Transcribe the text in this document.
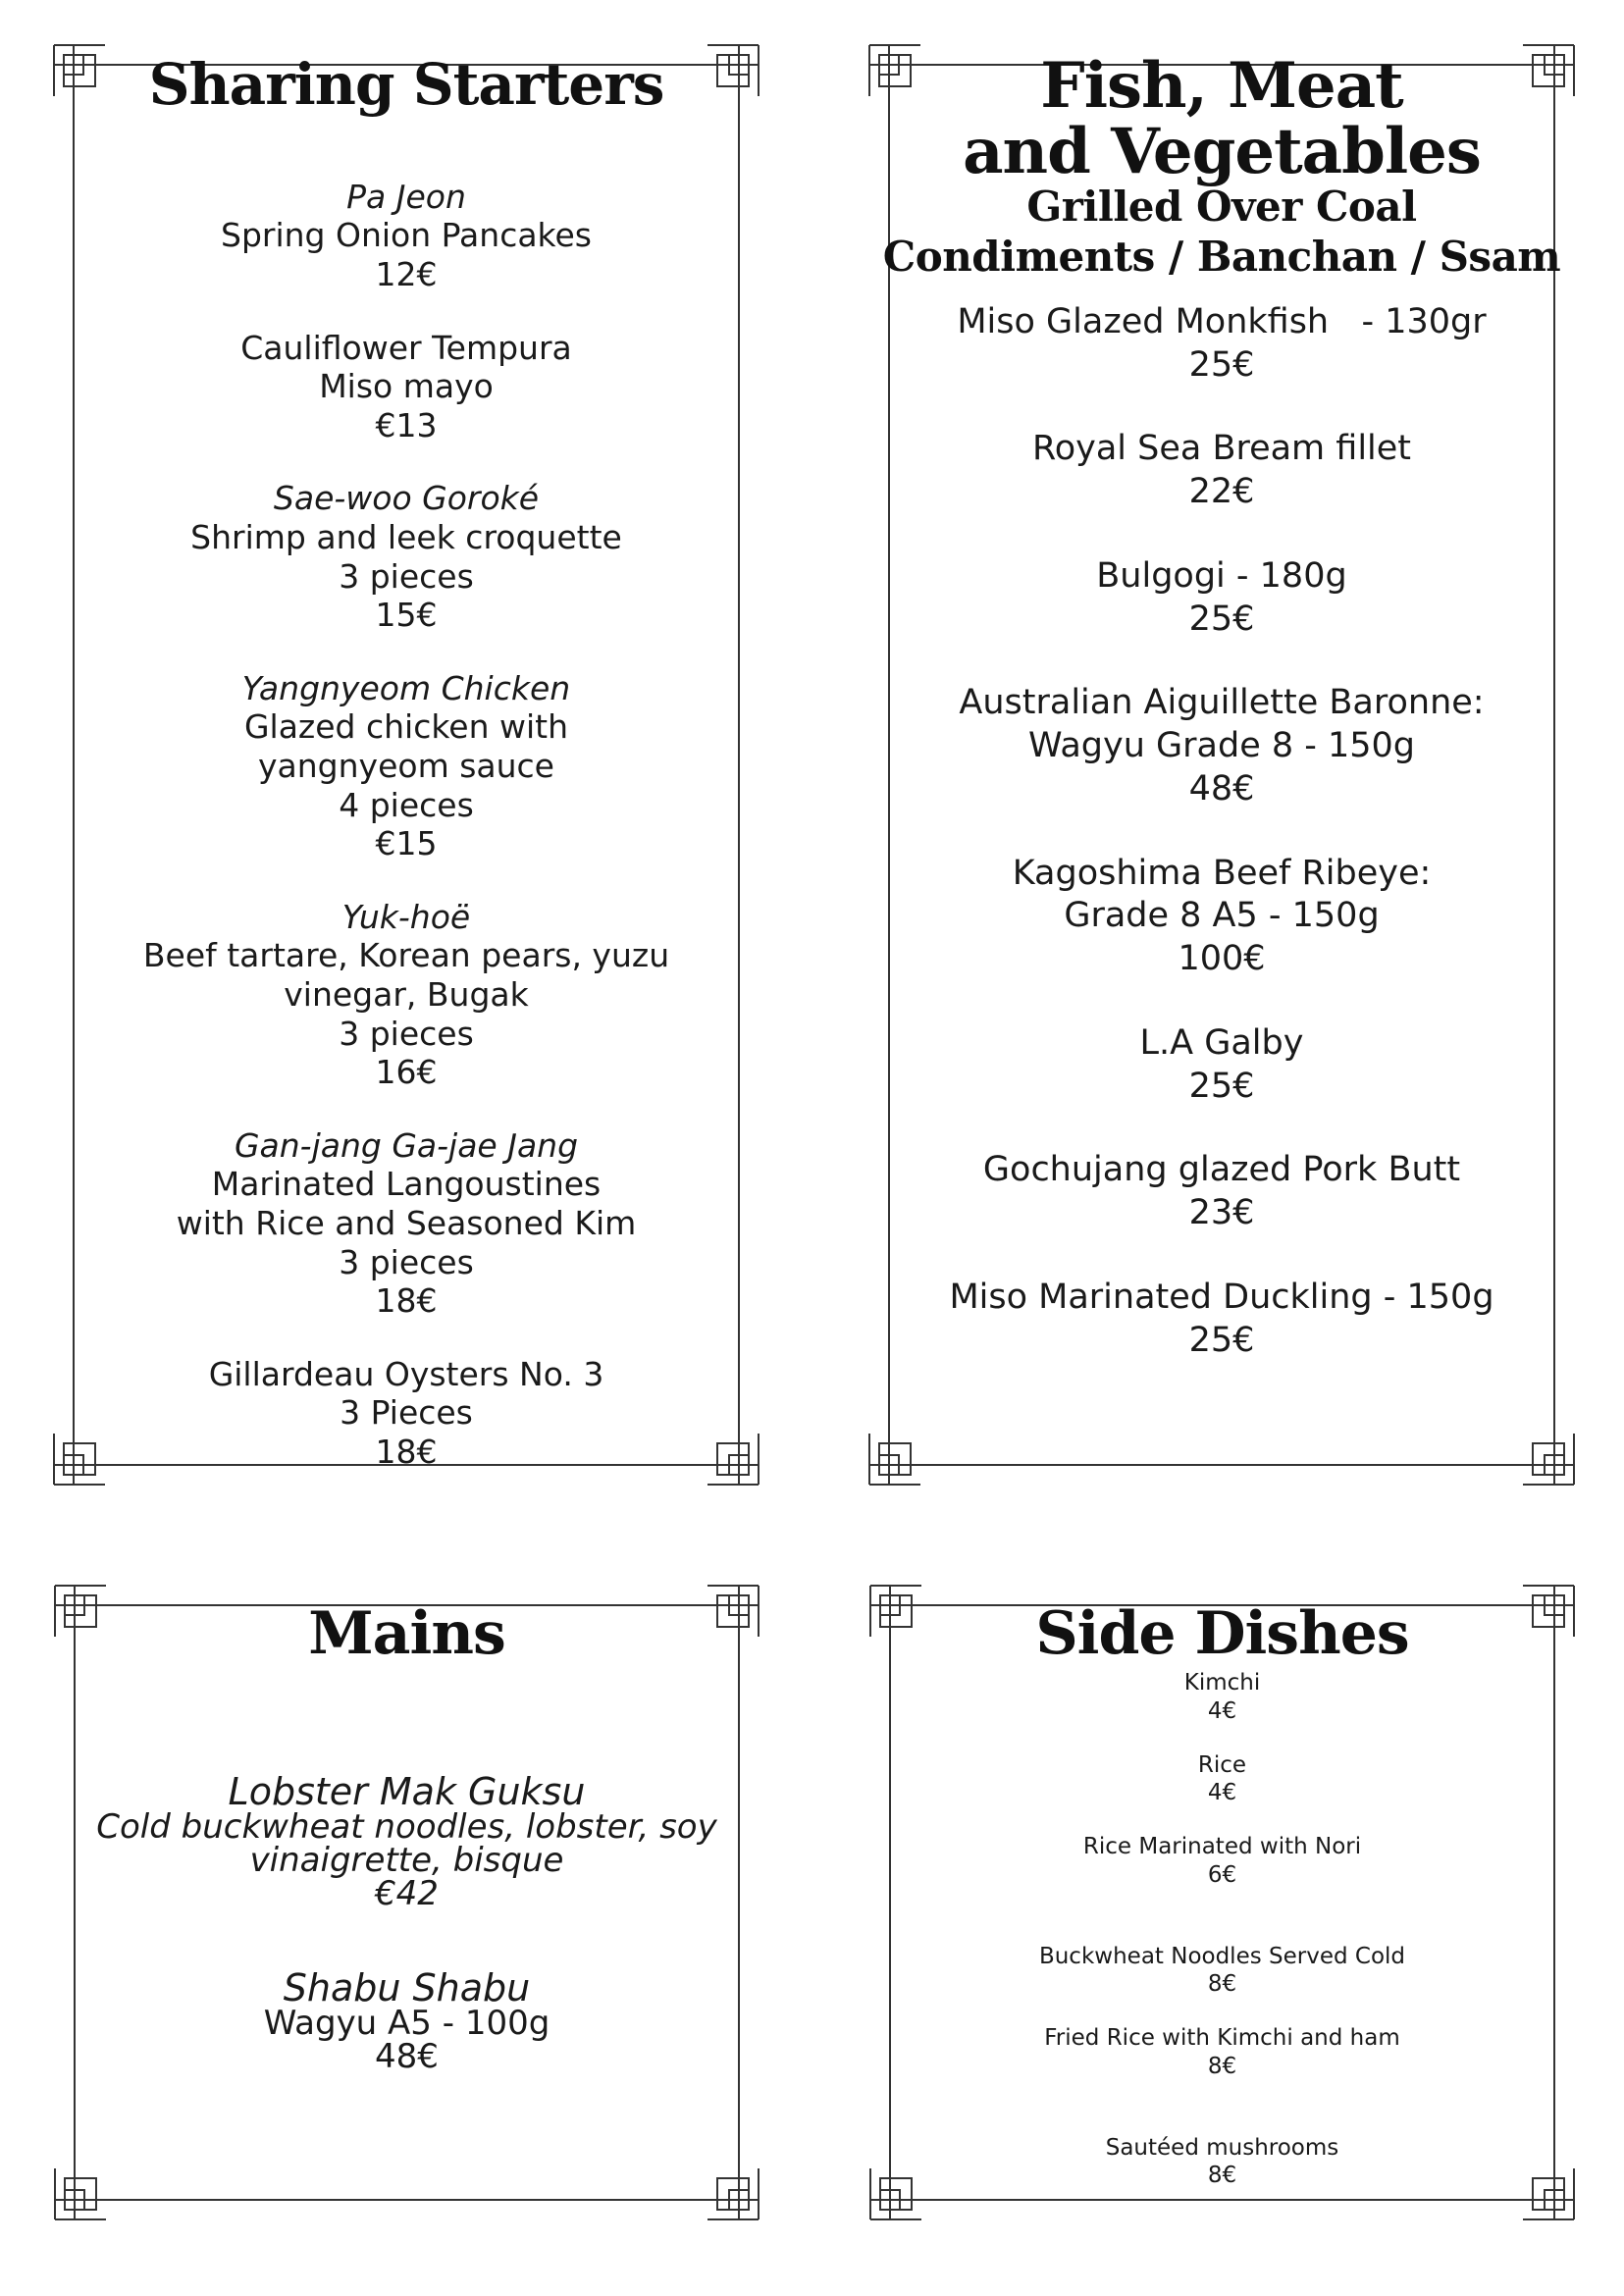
Sharing Starters
Pa Jeon
Spring Onion Pancakes
12€
Cauliflower Tempura
Miso mayo
€13
Sae-woo Goroké
Shrimp and leek croquette
3 pieces
15€
Yangnyeom Chicken
Glazed chicken with
yangnyeom sauce
4 pieces
€15
Yuk-hoë
Beef tartare, Korean pears, yuzu
vinegar, Bugak
3 pieces
16€
Gan-jang Ga-jae Jang
Marinated Langoustines
with Rice and Seasoned Kim
3 pieces
18€
Gillardeau Oysters No. 3
3 Pieces
18€
Fish, Meat
and Vegetables
Grilled Over Coal
Condiments / Banchan / Ssam
Miso Glazed Monkfish   - 130gr
25€
Royal Sea Bream fillet
22€
Bulgogi - 180g
25€
Australian Aiguillette Baronne:
Wagyu Grade 8 - 150g
48€
Kagoshima Beef Ribeye:
Grade 8 A5 - 150g
100€
L.A Galby
25€
Gochujang glazed Pork Butt
23€
Miso Marinated Duckling - 150g
25€
Mains
Lobster Mak Guksu
Cold buckwheat noodles, lobster, soy
vinaigrette, bisque
€42
Shabu Shabu
Wagyu A5 - 100g
48€
Side Dishes
Kimchi
4€
Rice
4€
Rice Marinated with Nori
6€
Buckwheat Noodles Served Cold
8€
Fried Rice with Kimchi and ham
8€
Sautéed mushrooms
8€
